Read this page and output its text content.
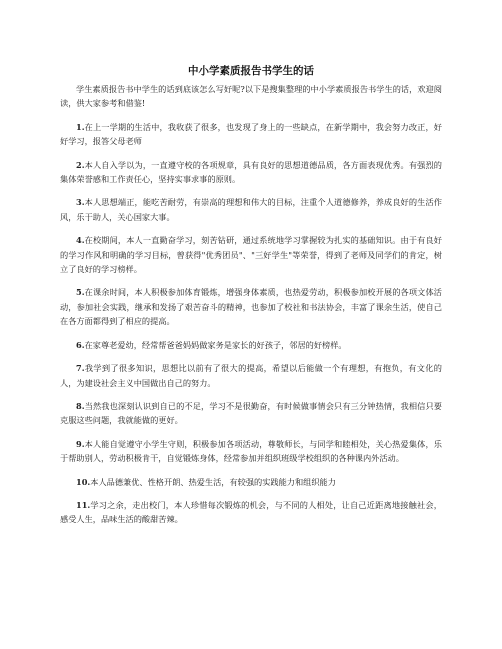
中小学素质报告书学生的话

学生素质报告书中学生的话到底该怎么写好呢?以下是搜集整理的中小学素质报告书学生的话，欢迎阅读，供大家参考和借鉴!

1.在上一学期的生活中，我收获了很多，也发现了身上的一些缺点，在新学期中，我会努力改正，好好学习，报答父母老师

2.本人自入学以为，一直遵守校的各项规章，具有良好的思想道德品质，各方面表现优秀。有强烈的集体荣誉感和工作责任心，坚持实事求事的原则。

3.本人思想端正，能吃苦耐劳，有崇高的理想和伟大的目标，注重个人道德修养，养成良好的生活作风，乐于助人，关心国家大事。

4.在校期间，本人一直勤奋学习，刻苦钻研，通过系统地学习掌握较为扎实的基础知识。由于有良好的学习作风和明确的学习目标，曾获得"优秀团员"、"三好学生"等荣誉，得到了老师及同学们的肯定，树立了良好的学习榜样。

5.在课余时间，本人积极参加体育锻炼，增强身体素质，也热爱劳动，积极参加校开展的各项文体活动，参加社会实践，继承和发扬了艰苦奋斗的精神，也参加了校社和书法协会，丰富了课余生活，使自己在各方面都得到了相应的提高。

6.在家尊老爱幼，经常帮爸爸妈妈做家务是家长的好孩子，邻居的好榜样。

7.我学到了很多知识，思想比以前有了很大的提高，希望以后能做一个有理想，有抱负，有文化的人，为建设社会主义中国做出自己的努力。

8.当然我也深刻认识到自已的不足，学习不是很勤奋，有时候做事情会只有三分钟热情，我相信只要克服这些问题，我就能做的更好。

9.本人能自觉遵守小学生守则，积极参加各项活动，尊敬师长，与同学和睦相处，关心热爱集体，乐于帮助别人，劳动积极肯干，自觉锻炼身体，经常参加并组织班级学校组织的各种课内外活动。

10.本人品德兼优、性格开朗、热爱生活，有较强的实践能力和组织能力

11.学习之余，走出校门，本人珍惜每次锻炼的机会，与不同的人相处，让自己近距离地接触社会，感受人生，品味生活的酸甜苦辣。
